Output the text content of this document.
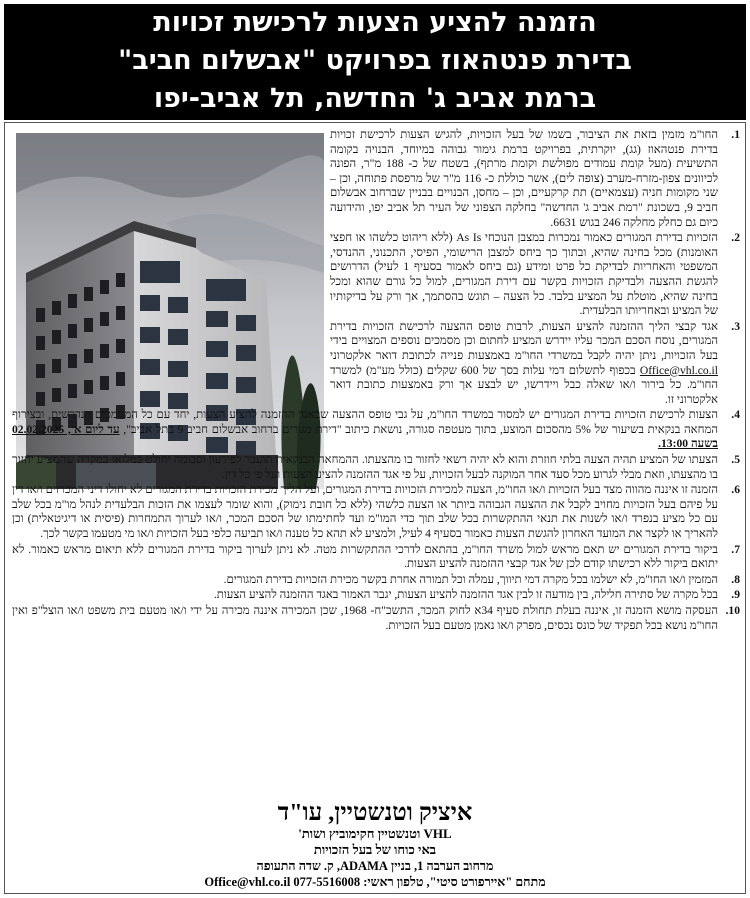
הזמנה להציע הצעות לרכישת זכויות
בדירת פנטהאוז בפרויקט "אבשלום חביב"
ברמת אביב ג' החדשה, תל אביב-יפו

1.
החו"מ מזמין בזאת את הציבור, בשמו של בעל הזכויות, להגיש הצעות לרכישת זכויות בדירת פנטהאוז (גג), יוקרתית, בפרויקט ברמת גימור גבוהה במיוחד, הבנויה בקומה התשיעית (מעל קומת עמודים מפולשת וקומת מרתף), בשטח של כ- 188 מ"ר, הפונה לכיוונים צפון-מזרח-מערב (צופה לים), אשר כוללת כ- 116 מ"ר של מרפסת פתוחה, וכן – שני מקומות חניה (עצמאיים) תת קרקעיים, וכן – מחסן, הבנויים בבניין שברחוב אבשלום חביב 9, בשכונת "רמת אביב ג' החדשה" בחלקה הצפוני של העיר תל אביב יפו, והידועה כיום גם כחלק מחלקה 246 בגוש 6631.

2.
הזכויות בדירת המגורים כאמור נמכרות במצבן הנוכחי As Is (ללא ריהוט כלשהו או חפצי האומנות) מכל בחינה שהיא, ובתוך כך ביחס למצבן הרישומי, הפיסי, התכנוני, ההנדסי, המשפטי והאחריות לבדיקת כל פרט ומידע (גם ביחס לאמור בסעיף 1 לעיל) הדרושים להגשת ההצעה ולבדיקת הזכויות בקשר עם דירת המגורים, למול כל גורם שהוא ומכל בחינה שהיא, מוטלת על המציע בלבד. כל הצעה – תוגש בהסתמך, אך ורק על בדיקותיו של המציע ובאחריותו הבלעדית.

3.
אגד קבצי הליך ההזמנה להציע הצעות, לרבות טופס ההצעה לרכישת הזכויות בדירת המגורים, נוסח הסכם המכר עליו יידרש המציע לחתום וכן מסמכים נוספים המצויים בידי בעל הזכויות, ניתן יהיה לקבל במשרדי החו"מ באמצעות פנייה לכתובת דואר אלקטרוני Office@vhl.co.il בכפוף לתשלום דמי עלות בסך של 600 שקלים (כולל מע"מ) למשרד החו"מ. כל בירור ו/או שאלה כבל ויידרשו, יש לבצע אך ורק באמצעות כתובת דואר אלקטרוני זו.

4.
הצעות לרכישת הזכויות בדירת המגורים יש למסור במשרד החו"מ, על גבי טופס ההצעה שבאגד ההזמנה להציע הצעות, יחד עם כל המסמכים הנדרשים, ובצירוף המחאה בנקאית בשיעור של 5% מהסכום המוצע, בתוך מעטפה סגורה, נושאת כיתוב "דירת מגורים ברחוב אבשלום חביב 9 בתל אביב", עד ליום א', 02.02.2025 בשעה 13:00.

5.
הצעתו של המציע תהיה הצעה בלתי חוזרת והוא לא יהיה רשאי לחזור בו מהצעתו. ההמחאה הבנקאית תועבר לפירעון וסכומה יחולט במלואו במקרה שהמציע יחזור בו מהצעתו, וזאת מבלי לגרוע מכל סעד אחר המוקנה לבעל הזכויות, על פי אגד ההזמנה להציע הצעות ועל פי כל דין.

6.
הזמנה זו איננה מהווה מצד בעל הזכויות ו/או החו"מ, הצעה למכירת הזכויות בדירת המגורים, ועל הליך מכירת הזכויות בדירת המגורים לא יחולו דיני המכרזים ו/או דין על פיהם בעל הזכויות מחויב לקבל את ההצעה הגבוהה ביותר או הצעה כלשהי (ללא כל חובת נימוק), והוא שומר לעצמו את הזכות הבלעדית לנהל מו"מ בכל שלב עם כל מציע בנפרד ו/או לשנות את תנאי ההתקשרות בכל שלב תוך כדי המו"מ ועד לחתימתו של הסכם המכר, ו/או לערוך התמחרות (פיסית או דיגיטאלית) וכן להאריך או לקצר את המועד האחרון להגשת הצעות כאמור בסעיף 4 לעיל, ולמציע לא תהא כל טענה ו/או תביעה כלפי בעל הזכויות ו/או מי מטעמו בקשר לכך.

7.
ביקור בדירת המגורים יש תאם מראש למול משרד החו"מ, בהתאם לדרכי ההתקשרות מטה. לא ניתן לערוך ביקור בדירת המגורים ללא תיאום מראש כאמור. לא יתואם ביקור ללא רכישתו קודם לכן של אגד קבצי ההזמנה להציע הצעות.

8.
המזמין ו/או החו"מ, לא ישלמו בכל מקרה דמי תיווך, עמלה וכל תמורה אחרת בקשר מכירת הזכויות בדירת המגורים.

9.
בכל מקרה של סתירה חלילה, בין מודעה זו לבין אגד ההזמנה להציע הצעות, יגבר האמור באגד ההזמנה להציע הצעות.

10.
העסקה מושא הזמנה זו, איננה בעלת תחולת סעיף 34א לחוק המכר, התשכ"ח- 1968, שכן המכירה איננה מכירה על ידי ו/או מטעם בית משפט ו/או הוצל"פ ואין החו"מ נושא בכל תפקיד של כונס נכסים, מפרק ו/או נאמן מטעם בעל הזכויות.

איציק וטנשטיין, עו"ד
VHL וטנשטיין חקימוביץ ושות'
באי כוחו של בעל הזכויות
מרחוב הערבה 1, בניין ADAMA, ק. שדה התעופה
מתחם "איירפורט סיטי", טלפון ראשי: 077-5516008 Office@vhl.co.il
